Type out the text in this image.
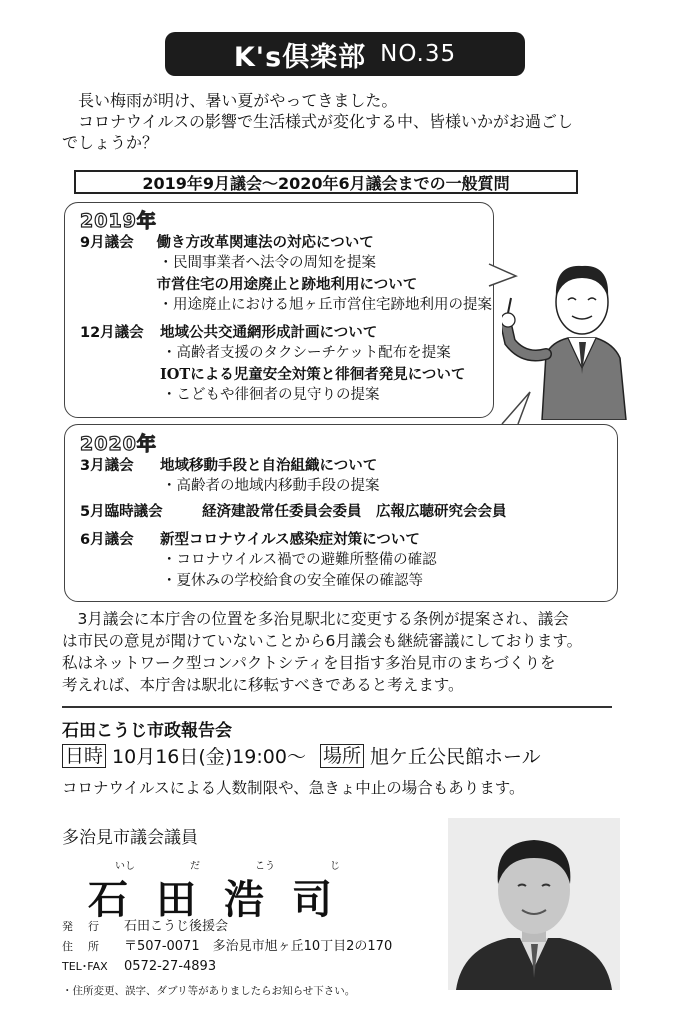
K's倶楽部 NO.35

長い梅雨が明け、暑い夏がやってきました。

コロナウイルスの影響で生活様式が変化する中、皆様いかがお過ごし

でしょうか？

2019年9月議会～2020年6月議会までの一般質問
2019年
9月議会	働き方改革関連法の対応について
・民間事業者へ法令の周知を提案
市営住宅の用途廃止と跡地利用について
・用途廃止における旭ヶ丘市営住宅跡地利用の提案
12月議会	地域公共交通網形成計画について
・高齢者支援のタクシーチケット配布を提案
IOTによる児童安全対策と徘徊者発見について
・こどもや徘徊者の見守りの提案
2020年
3月議会	地域移動手段と自治組織について
・高齢者の地域内移動手段の提案
5月臨時議会	経済建設常任委員会委員　広報広聴研究会会員
6月議会	新型コロナウイルス感染症対策について
・コロナウイルス禍での避難所整備の確認
・夏休みの学校給食の安全確保の確認等

3月議会に本庁舎の位置を多治見駅北に変更する条例が提案され、議会

は市民の意見が聞けていないことから6月議会も継続審議にしております。

私はネットワーク型コンパクトシティを目指す多治見市のまちづくりを

考えれば、本庁舎は駅北に移転すべきであると考えます。

石田こうじ市政報告会
日時 10月16日(金)19:00～ 場所 旭ケ丘公民館ホール
コロナウイルスによる人数制限や、急きょ中止の場合もあります。
多治見市議会議員
いし	だ	こう	じ
石田浩司
発　行 石田こうじ後援会
住　所 〒507-0071　多治見市旭ヶ丘10丁目2の170
TEL･FAX 0572-27-4893
・住所変更、誤字、ダブリ等がありましたらお知らせ下さい。
